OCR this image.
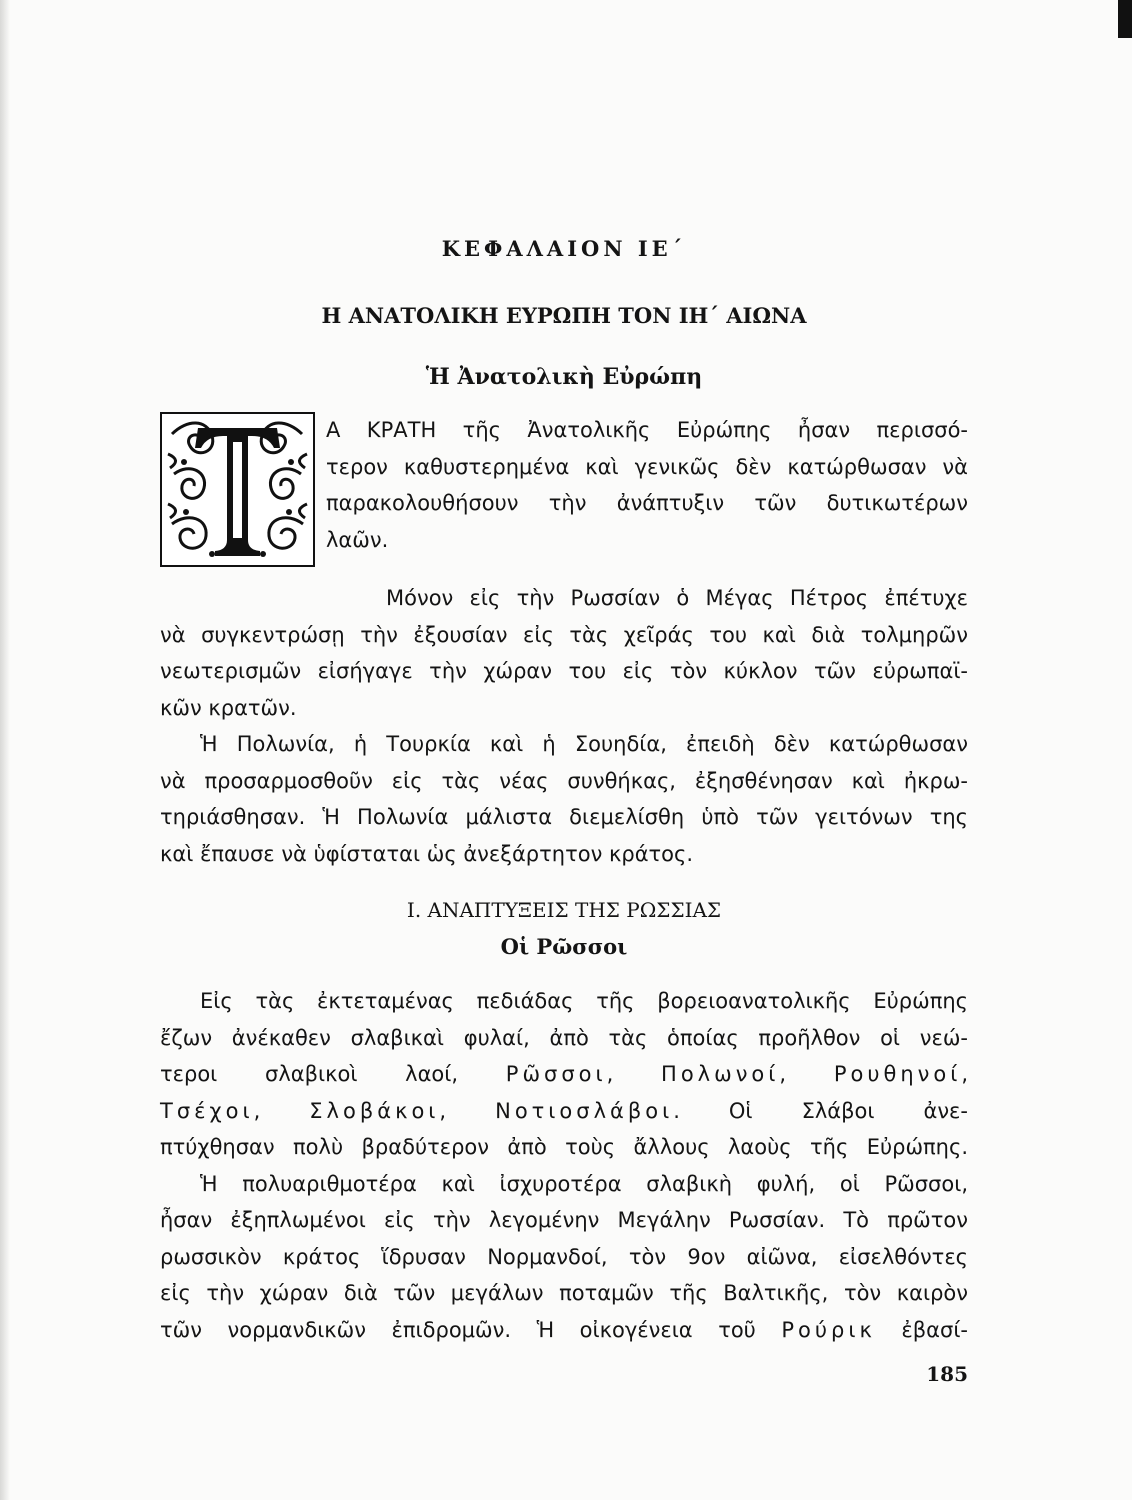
ΚΕΦΑΛΑΙΟΝ ΙΕ΄
Η ΑΝΑΤΟΛΙΚΗ ΕΥΡΩΠΗ ΤΟΝ ΙΗ΄ ΑΙΩΝΑ
Ἡ Ἀνατολικὴ Εὐρώπη
Α ΚΡΑΤΗ τῆς Ἀνατολικῆς Εὐρώπης ἦσαν περισσό-
τερον καθυστερημένα καὶ γενικῶς δὲν κατώρθωσαν νὰ
παρακολουθήσουν τὴν ἀνάπτυξιν τῶν δυτικωτέρων
λαῶν.
Μόνον εἰς τὴν Ρωσσίαν ὁ Μέγας Πέτρος ἐπέτυχε
νὰ συγκεντρώσῃ τὴν ἐξουσίαν εἰς τὰς χεῖράς του καὶ διὰ τολμηρῶν
νεωτερισμῶν εἰσήγαγε τὴν χώραν του εἰς τὸν κύκλον τῶν εὐρωπαϊ-
κῶν κρατῶν.
Ἡ Πολωνία, ἡ Τουρκία καὶ ἡ Σουηδία, ἐπειδὴ δὲν κατώρθωσαν
νὰ προσαρμοσθοῦν εἰς τὰς νέας συνθήκας, ἐξησθένησαν καὶ ἠκρω-
τηριάσθησαν. Ἡ Πολωνία μάλιστα διεμελίσθη ὑπὸ τῶν γειτόνων της
καὶ ἔπαυσε νὰ ὑφίσταται ὡς ἀνεξάρτητον κράτος.
Ι. ΑΝΑΠΤΥΞΕΙΣ ΤΗΣ ΡΩΣΣΙΑΣ
Οἱ Ρῶσσοι
Εἰς τὰς ἐκτεταμένας πεδιάδας τῆς βορειοανατολικῆς Εὐρώπης
ἔζων ἀνέκαθεν σλαβικαὶ φυλαί, ἀπὸ τὰς ὁποίας προῆλθον οἱ νεώ-
τεροι σλαβικοὶ λαοί, Ρῶσσοι, Πολωνοί, Ρουθηνοί,
Τσέχοι, Σλοβάκοι, Νοτιοσλάβοι. Οἱ Σλάβοι ἀνε-
πτύχθησαν πολὺ βραδύτερον ἀπὸ τοὺς ἄλλους λαοὺς τῆς Εὐρώπης.
Ἡ πολυαριθμοτέρα καὶ ἰσχυροτέρα σλαβικὴ φυλή, οἱ Ρῶσσοι,
ἦσαν ἐξηπλωμένοι εἰς τὴν λεγομένην Μεγάλην Ρωσσίαν. Τὸ πρῶτον
ρωσσικὸν κράτος ἵδρυσαν Νορμανδοί, τὸν 9ον αἰῶνα, εἰσελθόντες
εἰς τὴν χώραν διὰ τῶν μεγάλων ποταμῶν τῆς Βαλτικῆς, τὸν καιρὸν
τῶν νορμανδικῶν ἐπιδρομῶν. Ἡ οἰκογένεια τοῦ Ρούρικ ἐβασί-
185
